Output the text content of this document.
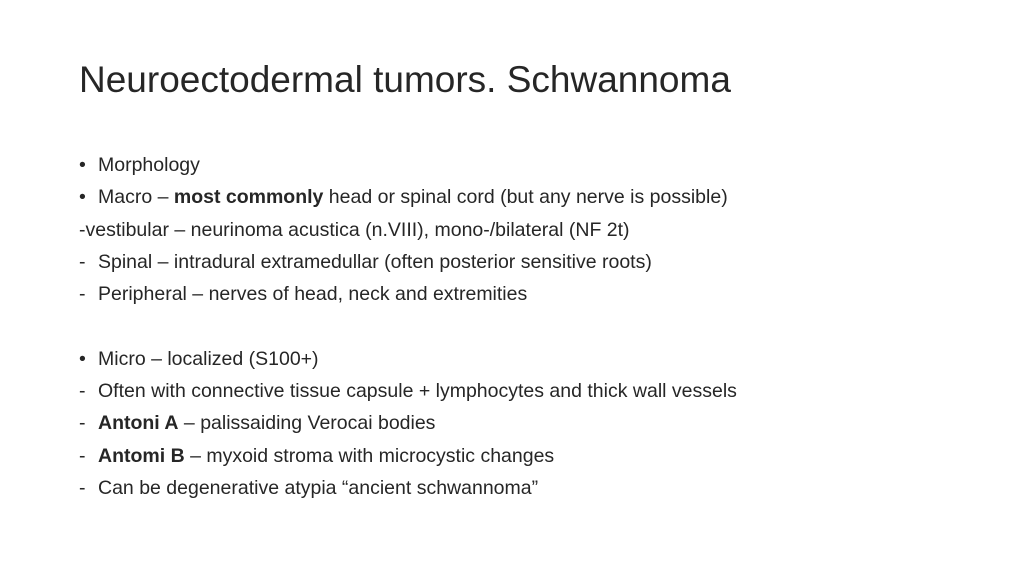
Neuroectodermal tumors. Schwannoma
• Morphology
• Macro – most commonly head or spinal cord (but any nerve is possible)
-vestibular – neurinoma acustica (n.VIII), mono-/bilateral (NF 2t)
- Spinal – intradural extramedullar (often posterior sensitive roots)
- Peripheral – nerves of head, neck and extremities
• Micro – localized (S100+)
- Often with connective tissue capsule + lymphocytes and thick wall vessels
- Antoni A – palissaiding Verocai bodies
- Antomi B – myxoid stroma with microcystic changes
- Can be degenerative atypia “ancient schwannoma”
